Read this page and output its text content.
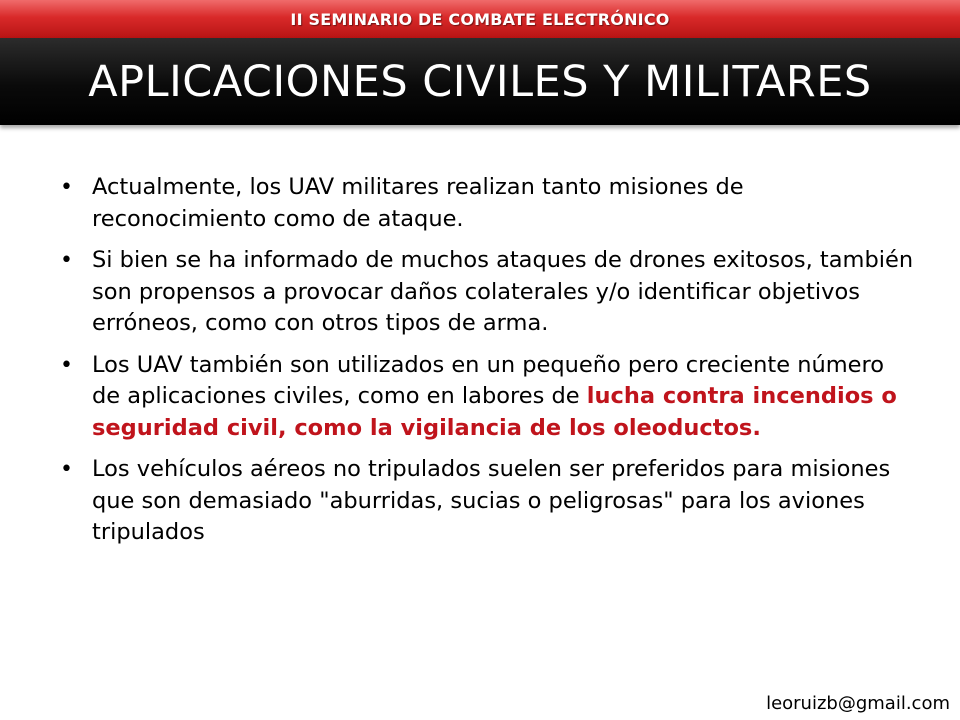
II SEMINARIO DE COMBATE ELECTRÓNICO
APLICACIONES CIVILES Y MILITARES
• Actualmente, los UAV militares realizan tanto misiones de reconocimiento como de ataque.
• Si bien se ha informado de muchos ataques de drones exitosos, también son propensos a provocar daños colaterales y/o identificar objetivos erróneos, como con otros tipos de arma.
• Los UAV también son utilizados en un pequeño pero creciente número de aplicaciones civiles, como en labores de lucha contra incendios o seguridad civil, como la vigilancia de los oleoductos.
• Los vehículos aéreos no tripulados suelen ser preferidos para misiones que son demasiado "aburridas, sucias o peligrosas" para los aviones tripulados
leoruizb@gmail.com
